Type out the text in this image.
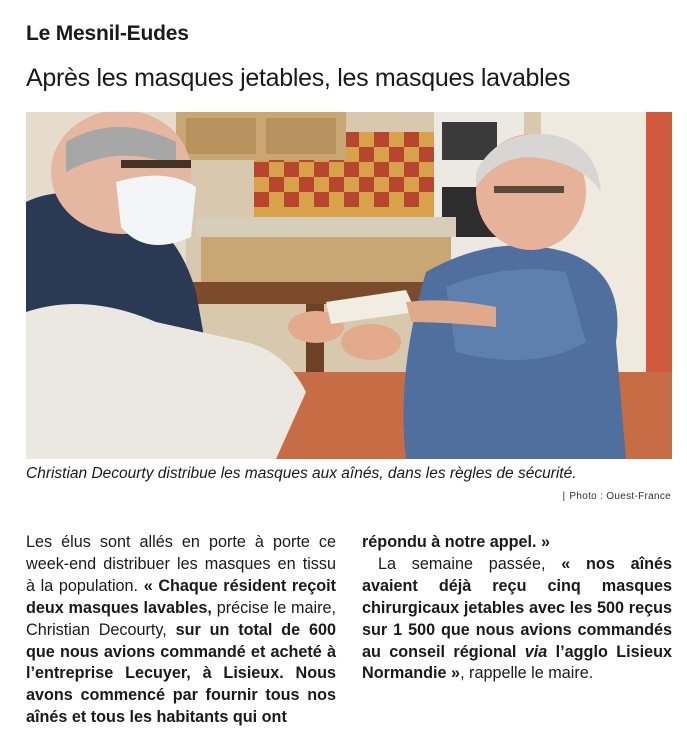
Le Mesnil-Eudes
Après les masques jetables, les masques lavables
Christian Decourty distribue les masques aux aînés, dans les règles de sécurité.
| Photo : Ouest-France
Les élus sont allés en porte à porte ce week-end distribuer les masques en tissu à la population. « Chaque résident reçoit deux masques lavables, précise le maire, Christian Decourty, sur un total de 600 que nous avions commandé et acheté à l’entreprise Lecuyer, à Lisieux. Nous avons commencé par fournir tous nos aînés et tous les habitants qui ont
répondu à notre appel. »
La semaine passée, « nos aînés avaient déjà reçu cinq masques chirurgicaux jetables avec les 500 reçus sur 1 500 que nous avions commandés au conseil régional via l’agglo Lisieux Normandie », rappelle le maire.
